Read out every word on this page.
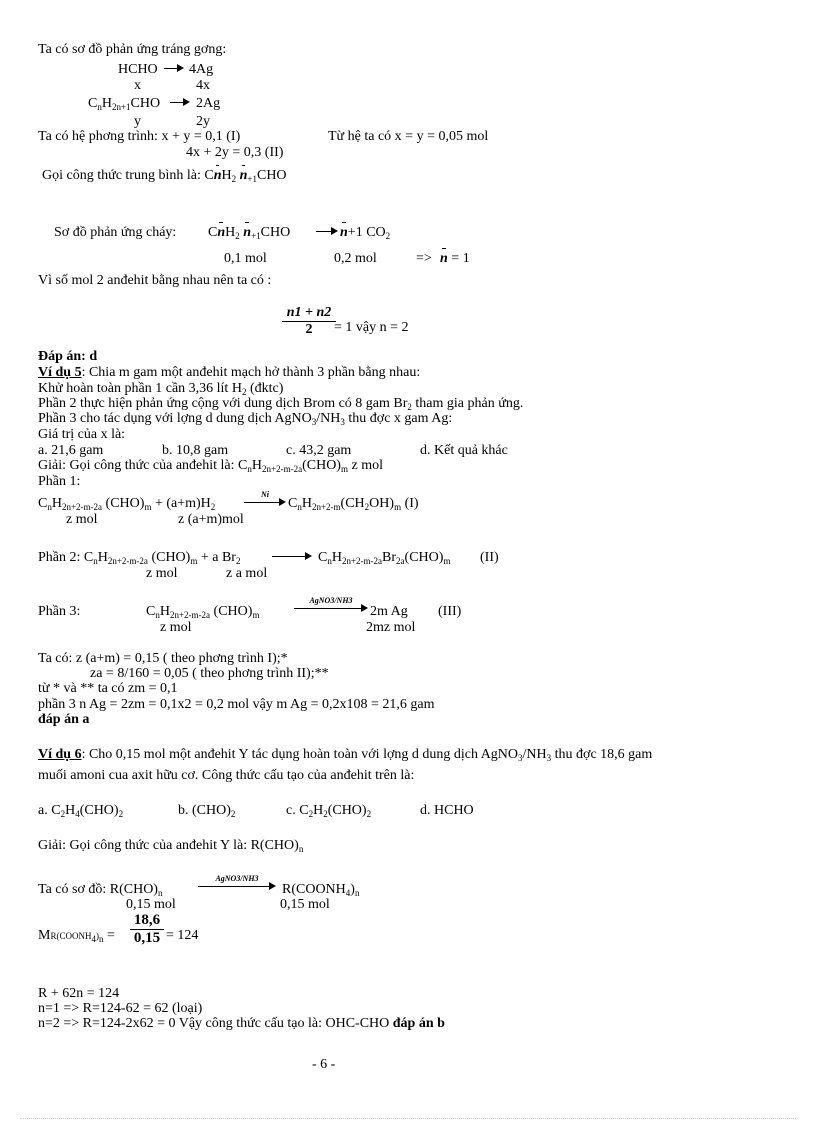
Ta có sơ đồ phản ứng tráng gơng:
HCHO 4Ag
x	4x
$C_nH_{2n+1}CHO$	2Ag
y	2y
Ta có hệ phơng trình: x + y = 0,1 (I)	Từ hệ ta có x = y = 0,05 mol
4x + 2y = 0,3 (II)
Gọi công thức trung bình là: CnH$_2$ $n_{+1}CHO$
Sơ đồ phản ứng cháy: CnH$_2$ $n_{+1}CHO$	n+1 $CO_2$
0,1 mol	0,2 mol	=> n = 1
Vì số mol 2 anđehit bằng nhau nên ta có :
$\frac{n1 + n2}{2}$
= 1 vậy n = 2
Đáp án: d
Ví dụ 5: Chia m gam một anđehit mạch hở thành 3 phần bằng nhau:
Khử hoàn toàn phần 1 cần 3,36 lít $H_2$ (đktc)
Phần 2 thực hiện phản ứng cộng với dung dịch Brom có 8 gam $Br_2$ tham gia phản ứng.
Phần 3 cho tác dụng với lợng d dung dịch $AgNO_3/NH_3$ thu đợc x gam Ag:
Giá trị của x là:
a. 21,6 gam	b. 10,8 gam	c. 43,2 gam	d. Kết quả khác
Giải: Gọi công thức của anđehit là: $C_nH_{2n+2-m-2a}(CHO)_m$ z mol
Phần 1:
$C_nH_{2n+2-m-2a}$ $(CHO)_m + (a+m)H_2$
Ni
$C_nH_{2n+2-m}(CH_2OH)_m$ (I)
z mol	z (a+m)mol
Phần 2: $C_nH_{2n+2-m-2a}$ $(CHO)_m + a$ $Br_2$	$C_nH_{2n+2-m-2a}Br_{2a}(CHO)_m$ (II)
z mol	z a mol
Phần 3:	$C_nH_{2n+2-m-2a}$ $(CHO)_m$
AgNO3/NH3
2m Ag (III)
z mol	2mz mol
Ta có: z (a+m) = 0,15 ( theo phơng trình I);*
za = 8/160 = 0,05 ( theo phơng trình II);**
từ * và ** ta có zm = 0,1
phần 3 n Ag = 2zm = 0,1x2 = 0,2 mol vậy m Ag = 0,2x108 = 21,6 gam
đáp án a
Ví dụ 6: Cho 0,15 mol một anđehit Y tác dụng hoàn toàn với lợng d dung dịch $AgNO_3/NH_3$ thu đợc 18,6 gam
muối amoni cua axit hữu cơ. Công thức cấu tạo của anđehit trên là:
a. $C_2H_4(CHO)_2$	b. $(CHO)_2$	c. $C_2H_2(CHO)_2$	d. HCHO
Giải: Gọi công thức của anđehit Y là: $R(CHO)_n$
Ta có sơ đồ: $R(CHO)_n$
AgNO3/NH3
$R(COONH_4)_n$
0,15 mol	0,15 mol
$MR(COONH_4)_n = \frac{18,6}{0,15} = 124$
R + 62n = 124
n=1 => R=124-62 = 62 (loại)
n=2 => R=124-2x62 = 0 Vậy công thức cấu tạo là: OHC-CHO đáp án b
- 6 -
